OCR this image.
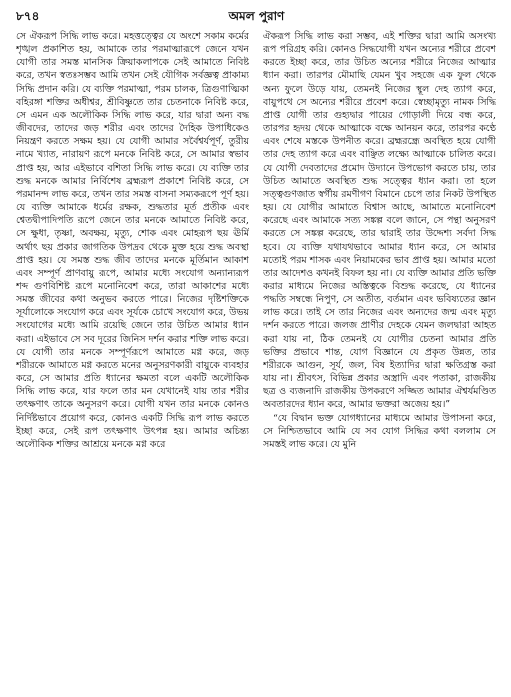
৮৭৪	অমল পুরাণ

সে ঐকরূপ সিদ্ধি লাভ করে। মহত্তত্ত্বের যে অংশে সকাম কর্মের শৃঙ্খল প্রকাশিত হয়, আমাকে তার পরমাত্মারূপে জেনে যখন যোগী তার সমস্ত মানসিক ক্রিয়াকলাপকে সেই আমাতে নিবিষ্ট করে, তখন স্বতঃসম্ভব আমি তখন সেই যৌগিক সর্বজ্ঞত্ব প্রাকাম্য সিদ্ধি প্রদান করি। যে ব্যক্তি পরমাত্মা, পরম চালক, ত্রিগুণাত্মিকা বহিরঙ্গা শক্তির অধীশ্বর, শ্রীবিষ্ণুতে তার চেতনাকে নিবিষ্ট করে, সে এমন এক অলৌকিক সিদ্ধি লাভ করে, যার দ্বারা অন্য বদ্ধ জীবদের, তাদের জড় শরীর এবং তাদের দৈহিক উপাধিকেও নিয়ন্ত্রণ করতে সক্ষম হয়। যে যোগী আমার সর্বৈশ্বর্যপূর্ণ, তুরীয় নামে খ্যাত, নারায়ণ রূপে মনকে নিবিষ্ট করে, সে আমার স্বভাব প্রাপ্ত হয়, আর এইভাবে বশিতা সিদ্ধি লাভ করে। যে ব্যক্তি তার শুদ্ধ মনকে আমার নির্বিশেষ ব্রহ্মরূপ প্রকাশে নিবিষ্ট করে, সে পরমানন্দ লাভ করে, তখন তার সমস্ত বাসনা সম্যকরূপে পূর্ণ হয়। যে ব্যক্তি আমাকে ধর্মের রক্ষক, শুদ্ধতার মূর্ত প্রতীক এবং শ্বেতদ্বীপাদিপতি রূপে জেনে তার মনকে আমাতে নিবিষ্ট করে, সে ক্ষুধা, তৃষ্ণা, অবক্ষয়, মৃত্যু, শোক এবং মোহরূপ ছয় ঊর্মি অর্থাৎ ছয় প্রকার জাগতিক উপদ্রব থেকে মুক্ত হয়ে শুদ্ধ অবস্থা প্রাপ্ত হয়। যে সমস্ত শুদ্ধ জীব তাদের মনকে মূর্তিমান আকাশ এবং সম্পূর্ণ প্রাণবায়ু রূপে, আমার মধ্যে সংযোগ অন্যান্যরূপ শব্দ গুণবিশিষ্ট রূপে মনোনিবেশ করে, তারা আকাশের মধ্যে সমস্ত জীবের কথা অনুভব করতে পারে। নিজের দৃষ্টিশক্তিকে সূর্যালোকে সংযোগ করে এবং সূর্যকে চোখে সংযোগ করে, উভয় সংযোগের মধ্যে আমি রয়েছি জেনে তার উচিত আমার ধ্যান করা। এইভাবে সে সব দূরের জিনিস দর্শন করার শক্তি লাভ করে। যে যোগী তার মনকে সম্পূর্ণরূপে আমাতে মগ্ন করে, জড় শরীরকে আমাতে মগ্ন করতে মনের অনুসরণকারী বায়ুকে ব্যবহার করে, সে আমার প্রতি ধ্যানের ক্ষমতা বলে একটি অলৌকিক সিদ্ধি লাভ করে, যার ফলে তার মন যেখানেই যায় তার শরীর তৎক্ষণাৎ তাকে অনুসরণ করে। যোগী যখন তার মনকে কোনও নির্দিষ্টভাবে প্রয়োগ করে, কোনও একটি সিদ্ধি রূপ লাভ করতে ইচ্ছা করে, সেই রূপ তৎক্ষণাৎ উৎপন্ন হয়। আমার অচিন্ত্য অলৌকিক শক্তির আশ্রয়ে মনকে মগ্ন করে

ঐকরূপ সিদ্ধি লাভ করা সম্ভব, এই শক্তির দ্বারা আমি অসংখ্য রূপ পরিগ্রহ করি। কোনও সিদ্ধযোগী যখন অন্যের শরীরে প্রবেশ করতে ইচ্ছা করে, তার উচিত অন্যের শরীরে নিজের আত্মার ধ্যান করা। তারপর মৌমাছি যেমন খুব সহজে এক ফুল থেকে অন্য ফুলে উড়ে যায়, তেমনই নিজের স্থূল দেহ ত্যাগ করে, বায়ুপথে সে অন্যের শরীরে প্রবেশ করে। স্বেচ্ছামৃত্যু নামক সিদ্ধি প্রাপ্ত যোগী তার গুহ্যদ্বার পায়ের গোড়ালী দিয়ে বন্ধ করে, তারপর হৃদয় থেকে আত্মাকে বক্ষে আনয়ন করে, তারপর কণ্ঠে এবং শেষে মস্তকে উপনীত করে। ব্রহ্মরন্ধ্রে অবস্থিত হয়ে যোগী তার দেহ ত্যাগ করে এবং বাঞ্ছিত লক্ষ্যে আত্মাকে চালিত করে। যে যোগী দেবতাদের প্রমোদ উদ্যানে উপভোগ করতে চায়, তার উচিত আমাতে অবস্থিত শুদ্ধ সত্ত্বের ধ্যান করা। তা হলে সত্ত্বগুণজাত স্বর্গীয় রমণীগণ বিমানে চেপে তার নিকট উপস্থিত হয়। যে যোগীর আমাতে বিশ্বাস আছে, আমাতে মনোনিবেশ করেছে এবং আমাকে সত্য সঙ্কল্প বলে জানে, সে পন্থা অনুসরণ করতে সে সঙ্কল্প করেছে, তার দ্বারাই তার উদ্দেশ্য সর্বদা সিদ্ধ হবে। যে ব্যক্তি যথাযথভাবে আমার ধ্যান করে, সে আমার মতোই পরম শাসক এবং নিয়ামকের ভাব প্রাপ্ত হয়। আমার মতো তার আদেশও কখনই বিফল হয় না। যে ব্যক্তি আমার প্রতি ভক্তি করার মাধ্যমে নিজের অস্তিত্বকে বিশুদ্ধ করেছে, যে ধ্যানের পদ্ধতি সম্বন্ধে নিপুণ, সে অতীত, বর্তমান এবং ভবিষ্যতের জ্ঞান লাভ করে। তাই সে তার নিজের এবং অন্যদের জন্ম এবং মৃত্যু দর্শন করতে পারে। জলজ প্রাণীর দেহকে যেমন জলদ্বারা আহত করা যায় না, ঠিক তেমনই যে যোগীর চেতনা আমার প্রতি ভক্তির প্রভাবে শান্ত, যোগ বিজ্ঞানে যে প্রকৃত উন্নত, তার শরীরকে আগুন, সূর্য, জল, বিষ ইত্যাদির দ্বারা ক্ষতিগ্রস্ত করা যায় না। শ্রীবৎস, বিভিন্ন প্রকার অস্ত্রাদি এবং পতাকা, রাজকীয় ছত্র ও ব্যজনাদি রাজকীয় উপকরণে সজ্জিত আমার ঐশ্বর্যমণ্ডিত অবতারদের ধ্যান করে, আমার ভক্তরা অজেয় হয়।”

“যে বিদ্বান ভক্ত যোগধ্যানের মাধ্যমে আমার উপাসনা করে, সে নিশ্চিতভাবে আমি যে সব যোগ সিদ্ধির কথা বললাম সে সমস্তই লাভ করে। যে মুনি
